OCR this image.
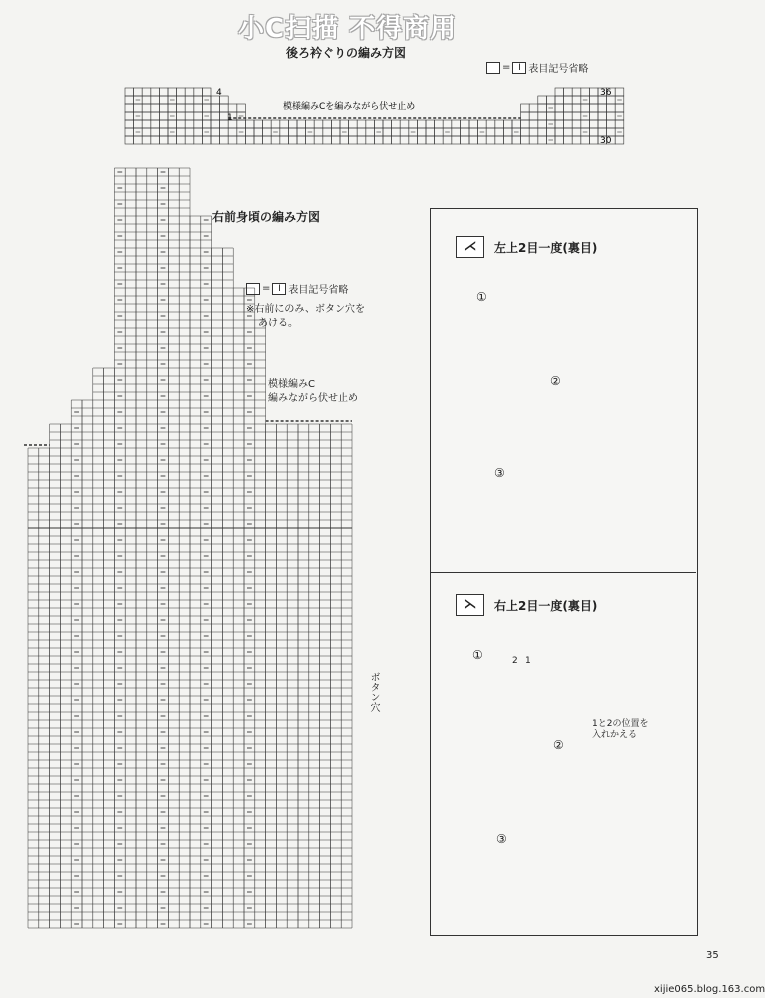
小C扫描 不得商用
後ろ衿ぐりの編み方図
= I 表目記号省略
4
1
36
30
模様編みCを編みながら伏せ止め
右前身頃の編み方図
= I 表目記号省略
※右前にのみ、ボタン穴を
あける。
模様編みC
編みながら伏せ止め
ボタン穴
⋌	左上2目一度(裏目)
①
②
③
⋋	右上2目一度(裏目)
①
②
③
1と2の位置を
入れかえる
2 1
35
xijie065.blog.163.com
